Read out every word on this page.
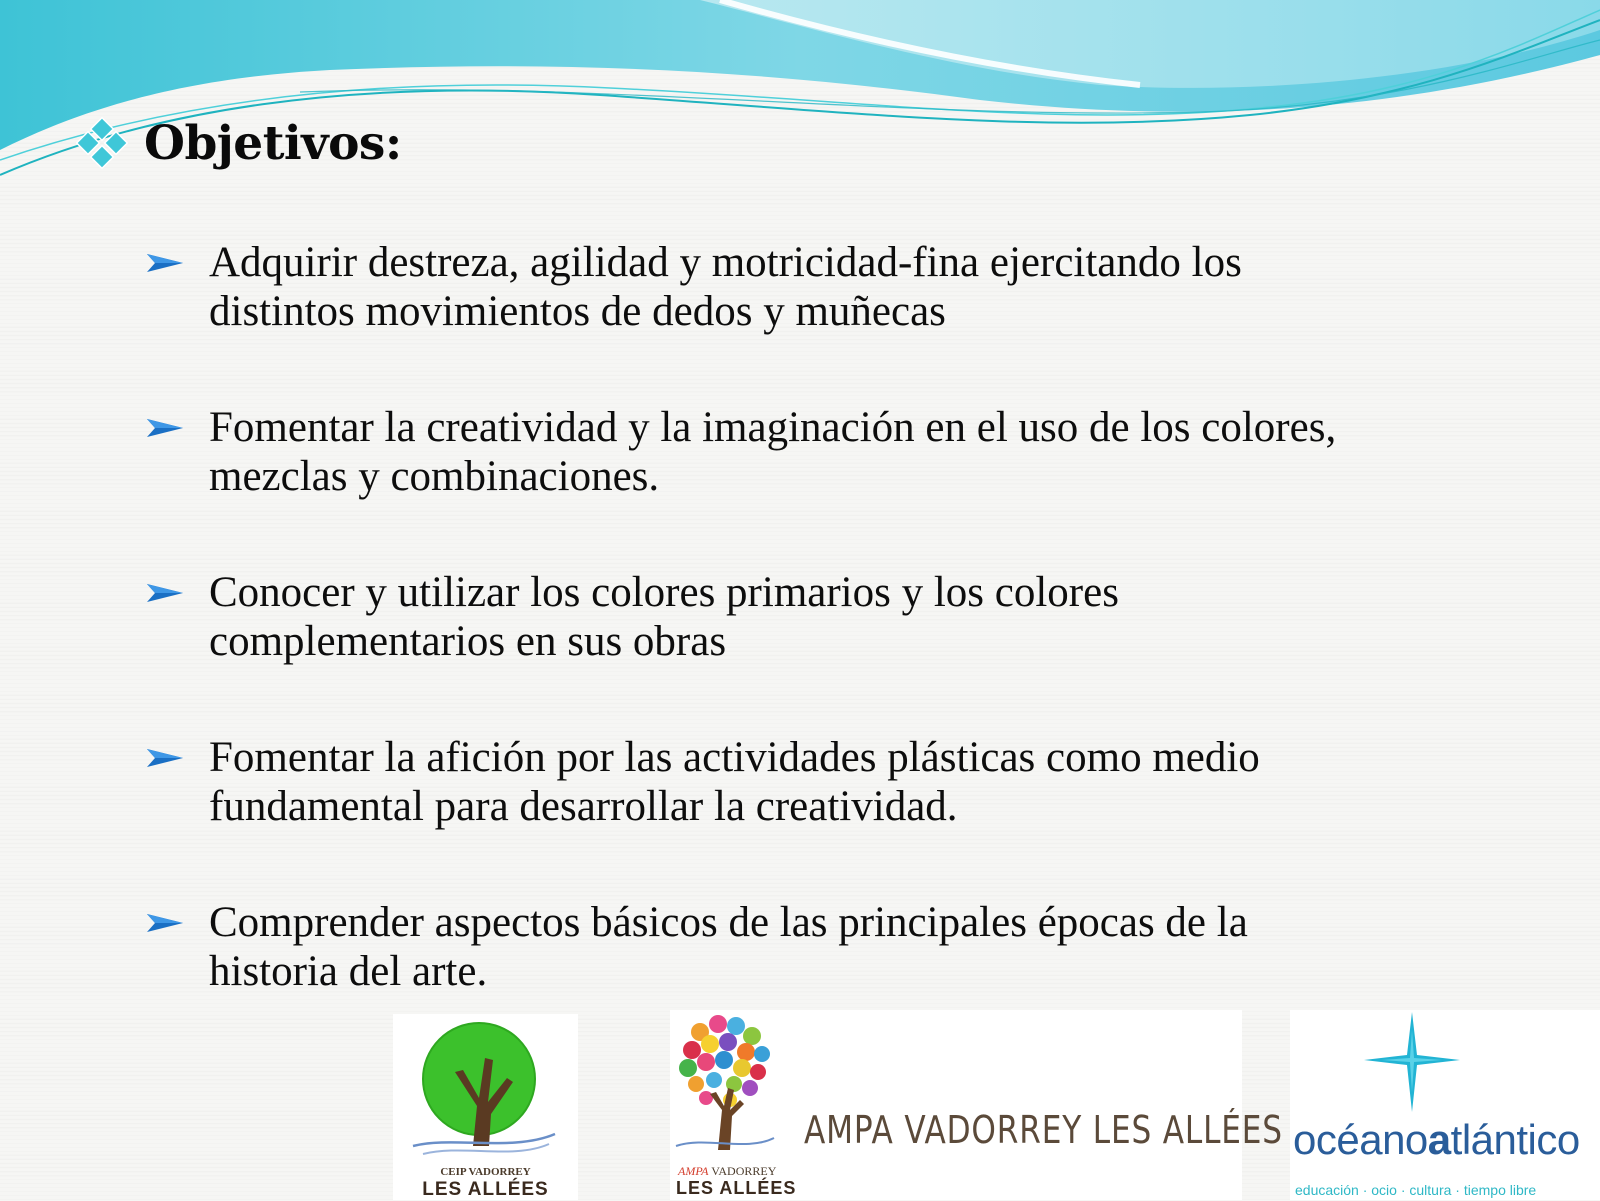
Objetivos:
Adquirir destreza, agilidad y motricidad-fina ejercitando los
distintos movimientos de dedos y muñecas
Fomentar la creatividad y la imaginación en el uso de los colores,
mezclas y combinaciones.
Conocer y utilizar los colores primarios y los colores
complementarios en sus obras
Fomentar la afición por las actividades plásticas como medio
fundamental para desarrollar la creatividad.
Comprender aspectos básicos de las principales épocas de la
historia del arte.
CEIP VADORREY
LES ALLÉES
AMPA VADORREY
LES ALLÉES
AMPA VADORREY LES ALLÉES océanoatlántico
educación · ocio · cultura · tiempo libre
